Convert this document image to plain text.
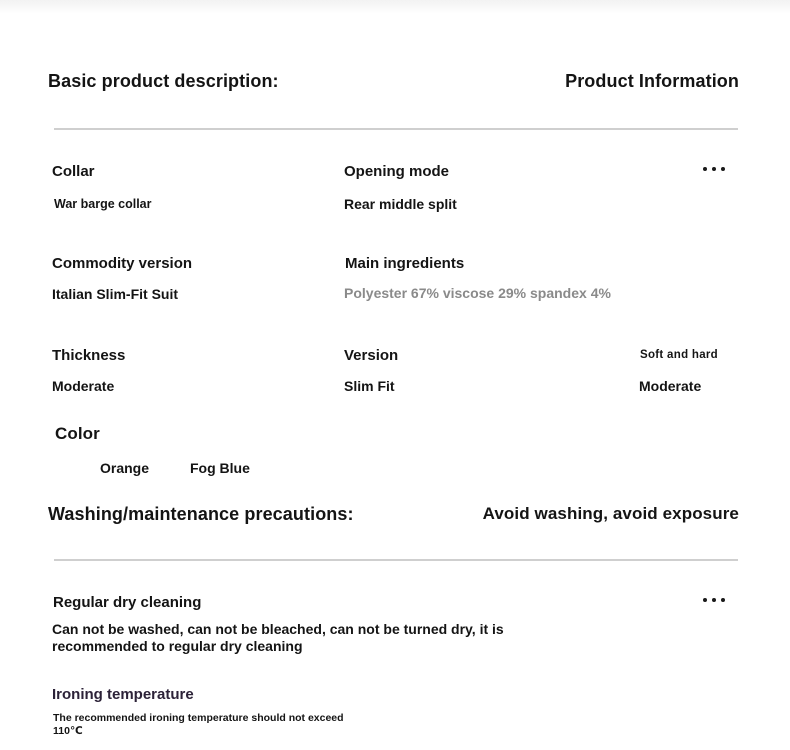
Basic product description:	Product Information
Collar
War barge collar
Opening mode
Rear middle split
Commodity version
Italian Slim-Fit Suit
Main ingredients
Polyester 67% viscose 29% spandex 4%
Thickness
Moderate
Version
Slim Fit
Soft and hard
Moderate
Color
Orange	Fog Blue
Washing/maintenance precautions:	Avoid washing, avoid exposure
Regular dry cleaning
Can not be washed, can not be bleached, can not be turned dry, it is
recommended to regular dry cleaning
Ironing temperature
The recommended ironing temperature should not exceed
110℃
